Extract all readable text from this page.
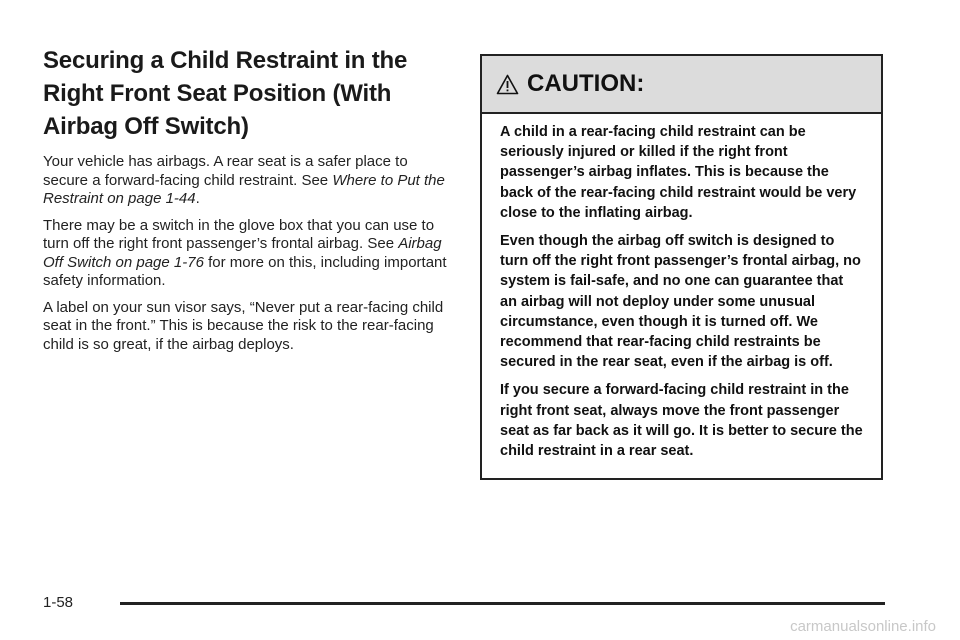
Securing a Child Restraint in the Right Front Seat Position (With Airbag Off Switch)

Your vehicle has airbags. A rear seat is a safer place to secure a forward-facing child restraint. See Where to Put the Restraint on page 1-44.

There may be a switch in the glove box that you can use to turn off the right front passenger’s frontal airbag. See Airbag Off Switch on page 1-76 for more on this, including important safety information.

A label on your sun visor says, “Never put a rear-facing child seat in the front.” This is because the risk to the rear-facing child is so great, if the airbag deploys.

CAUTION:

A child in a rear-facing child restraint can be seriously injured or killed if the right front passenger’s airbag inflates. This is because the back of the rear-facing child restraint would be very close to the inflating airbag.

Even though the airbag off switch is designed to turn off the right front passenger’s frontal airbag, no system is fail-safe, and no one can guarantee that an airbag will not deploy under some unusual circumstance, even though it is turned off. We recommend that rear-facing child restraints be secured in the rear seat, even if the airbag is off.

If you secure a forward-facing child restraint in the right front seat, always move the front passenger seat as far back as it will go. It is better to secure the child restraint in a rear seat.

1-58
carmanualsonline.info
